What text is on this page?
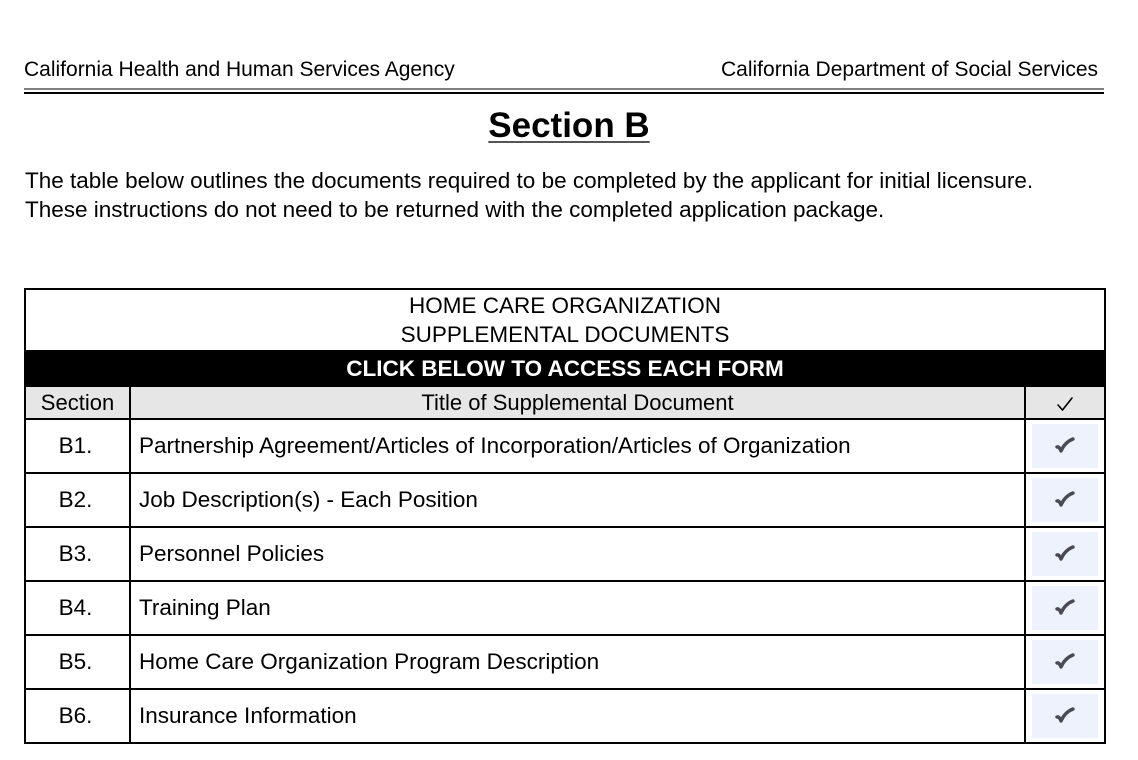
California Health and Human Services Agency	California Department of Social Services
Section B
The table below outlines the documents required to be completed by the applicant for initial licensure.
These instructions do not need to be returned with the completed application package.
HOME CARE ORGANIZATION
SUPPLEMENTAL DOCUMENTS		

CLICK BELOW TO ACCESS EACH FORM		
Section	Title of Supplemental Document	
B1.	Partnership Agreement/Articles of Incorporation/Articles of Organization	

B2.	Job Description(s) - Each Position	

B3.	Personnel Policies	

B4.	Training Plan	

B5.	Home Care Organization Program Description	

B6.	Insurance Information	
